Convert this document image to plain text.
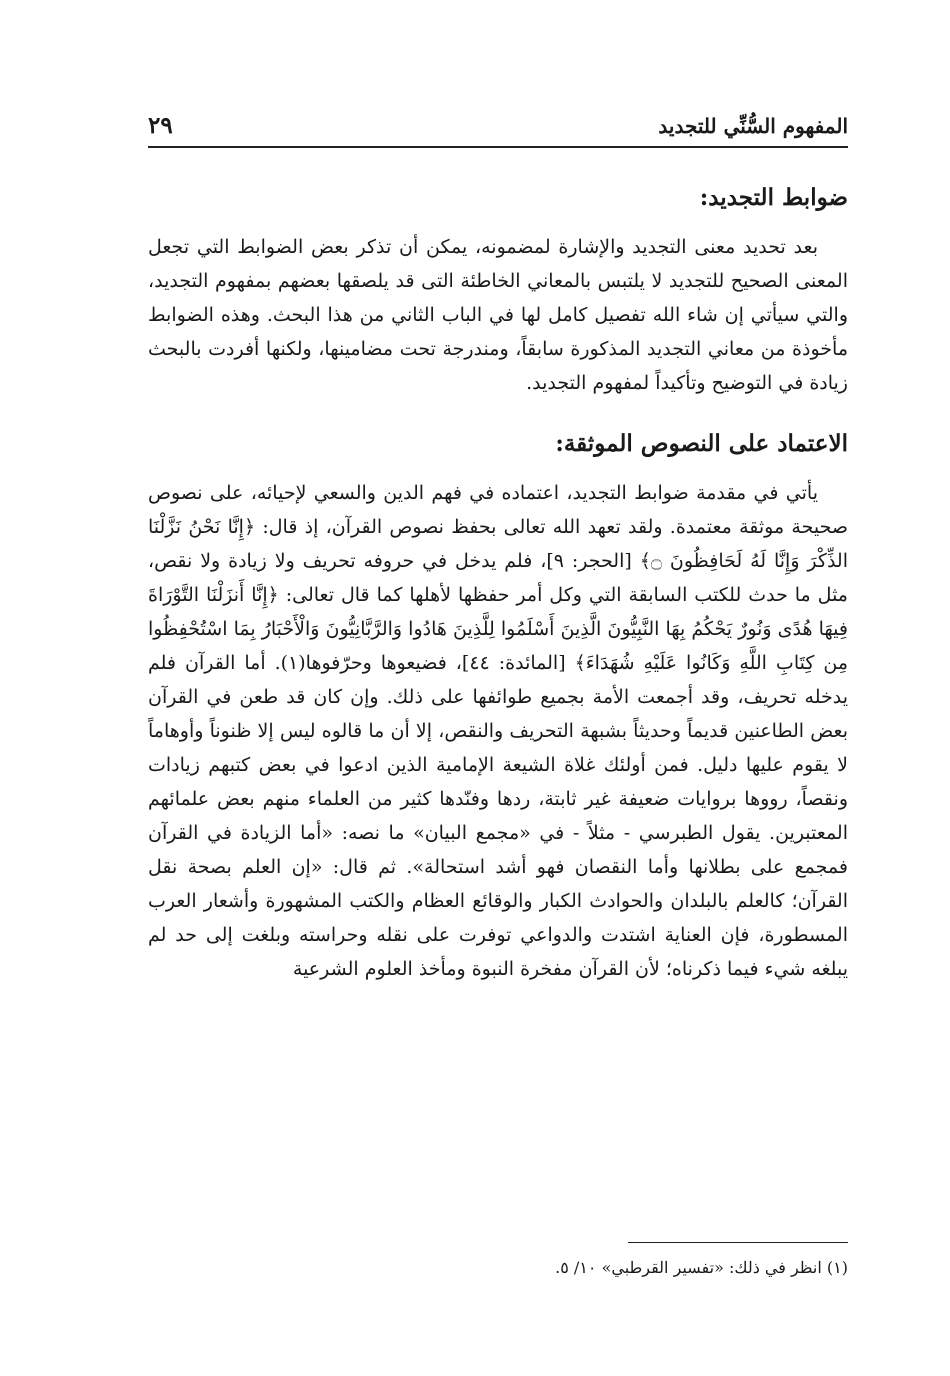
المفهوم السُّنِّي للتجديد
٢٩
ضوابط التجديد:

بعد تحديد معنى التجديد والإشارة لمضمونه، يمكن أن تذكر بعض الضوابط التي تجعل المعنى الصحيح للتجديد لا يلتبس بالمعاني الخاطئة التى قد يلصقها بعضهم بمفهوم التجديد، والتي سيأتي إن شاء الله تفصيل كامل لها في الباب الثاني من هذا البحث. وهذه الضوابط مأخوذة من معاني التجديد المذكورة سابقاً، ومندرجة تحت مضامينها، ولكنها أفردت بالبحث زيادة في التوضيح وتأكيداً لمفهوم التجديد.

الاعتماد على النصوص الموثقة:

يأتي في مقدمة ضوابط التجديد، اعتماده في فهم الدين والسعي لإحيائه، على نصوص صحيحة موثقة معتمدة. ولقد تعهد الله تعالى بحفظ نصوص القرآن، إذ قال: ﴿إِنَّا نَحْنُ نَزَّلْنَا الذِّكْرَ وَإِنَّا لَهُ لَحَافِظُونَ ۝﴾ [الحجر: ٩]، فلم يدخل في حروفه تحريف ولا زيادة ولا نقص، مثل ما حدث للكتب السابقة التي وكل أمر حفظها لأهلها كما قال تعالى: ﴿إِنَّا أَنزَلْنَا التَّوْرَاةَ فِيهَا هُدًى وَنُورٌ يَحْكُمُ بِهَا النَّبِيُّونَ الَّذِينَ أَسْلَمُوا لِلَّذِينَ هَادُوا وَالرَّبَّانِيُّونَ وَالْأَحْبَارُ بِمَا اسْتُحْفِظُوا مِن كِتَابِ اللَّهِ وَكَانُوا عَلَيْهِ شُهَدَاءَ﴾ [المائدة: ٤٤]، فضيعوها وحرّفوها(١). أما القرآن فلم يدخله تحريف، وقد أجمعت الأمة بجميع طوائفها على ذلك. وإن كان قد طعن في القرآن بعض الطاعنين قديماً وحديثاً بشبهة التحريف والنقص، إلا أن ما قالوه ليس إلا ظنوناً وأوهاماً لا يقوم عليها دليل. فمن أولئك غلاة الشيعة الإمامية الذين ادعوا في بعض كتبهم زيادات ونقصاً، رووها بروايات ضعيفة غير ثابتة، ردها وفنّدها كثير من العلماء منهم بعض علمائهم المعتبرين. يقول الطبرسي - مثلاً - في «مجمع البيان» ما نصه: «أما الزيادة في القرآن فمجمع على بطلانها وأما النقصان فهو أشد استحالة». ثم قال: «إن العلم بصحة نقل القرآن؛ كالعلم بالبلدان والحوادث الكبار والوقائع العظام والكتب المشهورة وأشعار العرب المسطورة، فإن العناية اشتدت والدواعي توفرت على نقله وحراسته وبلغت إلى حد لم يبلغه شيء فيما ذكرناه؛ لأن القرآن مفخرة النبوة ومأخذ العلوم الشرعية

(١) انظر في ذلك: «تفسير القرطبي» ١٠/ ٥.
